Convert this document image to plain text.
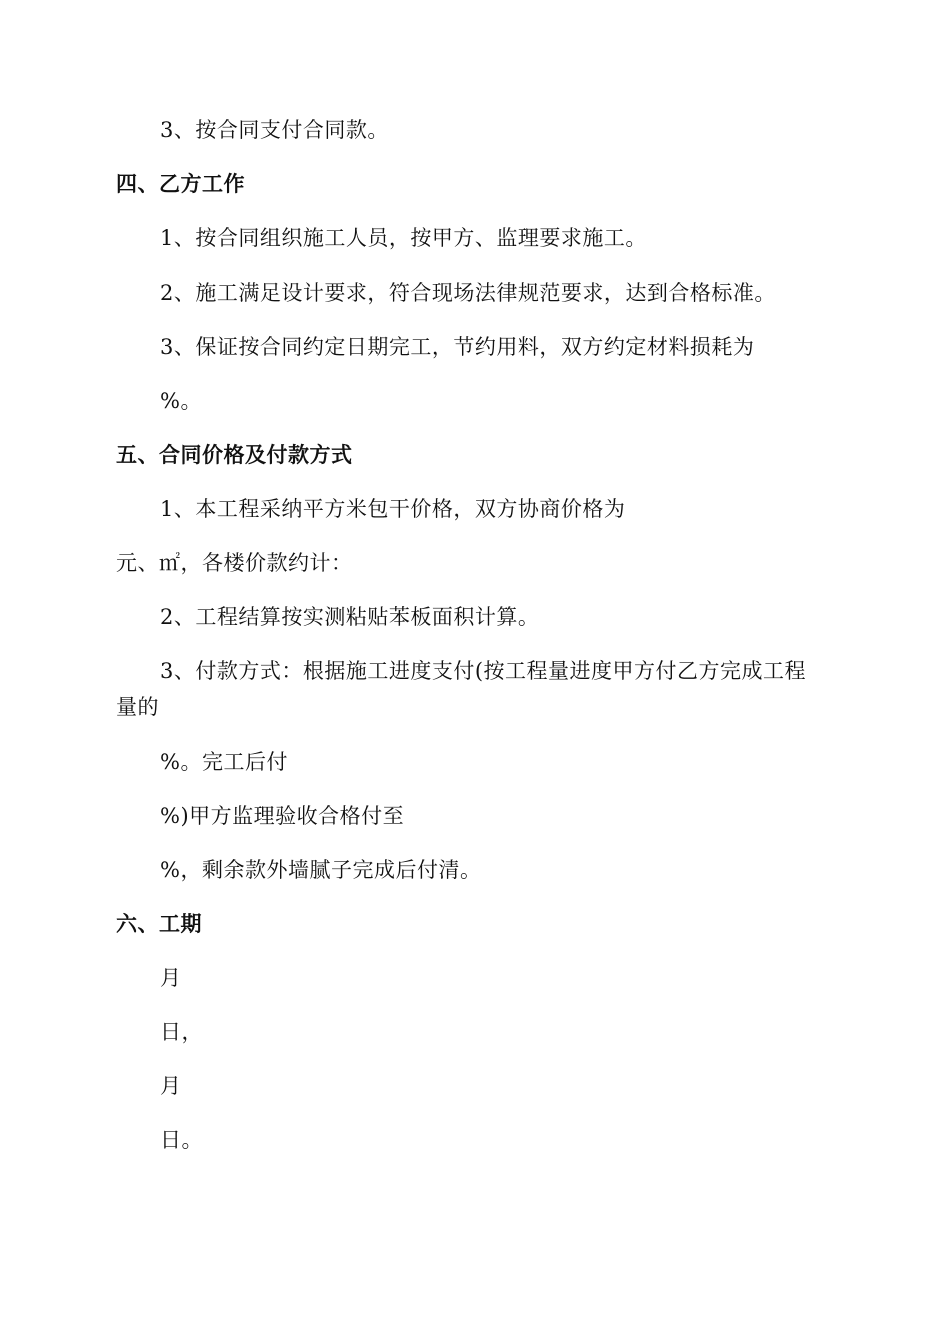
3、按合同支付合同款。
四、乙方工作
1、按合同组织施工人员，按甲方、监理要求施工。
2、施工满足设计要求，符合现场法律规范要求，达到合格标准。
3、保证按合同约定日期完工，节约用料，双方约定材料损耗为
%。
五、合同价格及付款方式
1、本工程采纳平方米包干价格，双方协商价格为
元、㎡，各楼价款约计：
2、工程结算按实测粘贴苯板面积计算。
3、付款方式：根据施工进度支付(按工程量进度甲方付乙方完成工程
量的
%。完工后付
%)甲方监理验收合格付至
%，剩余款外墙腻子完成后付清。
六、工期
月
日，
月
日。
